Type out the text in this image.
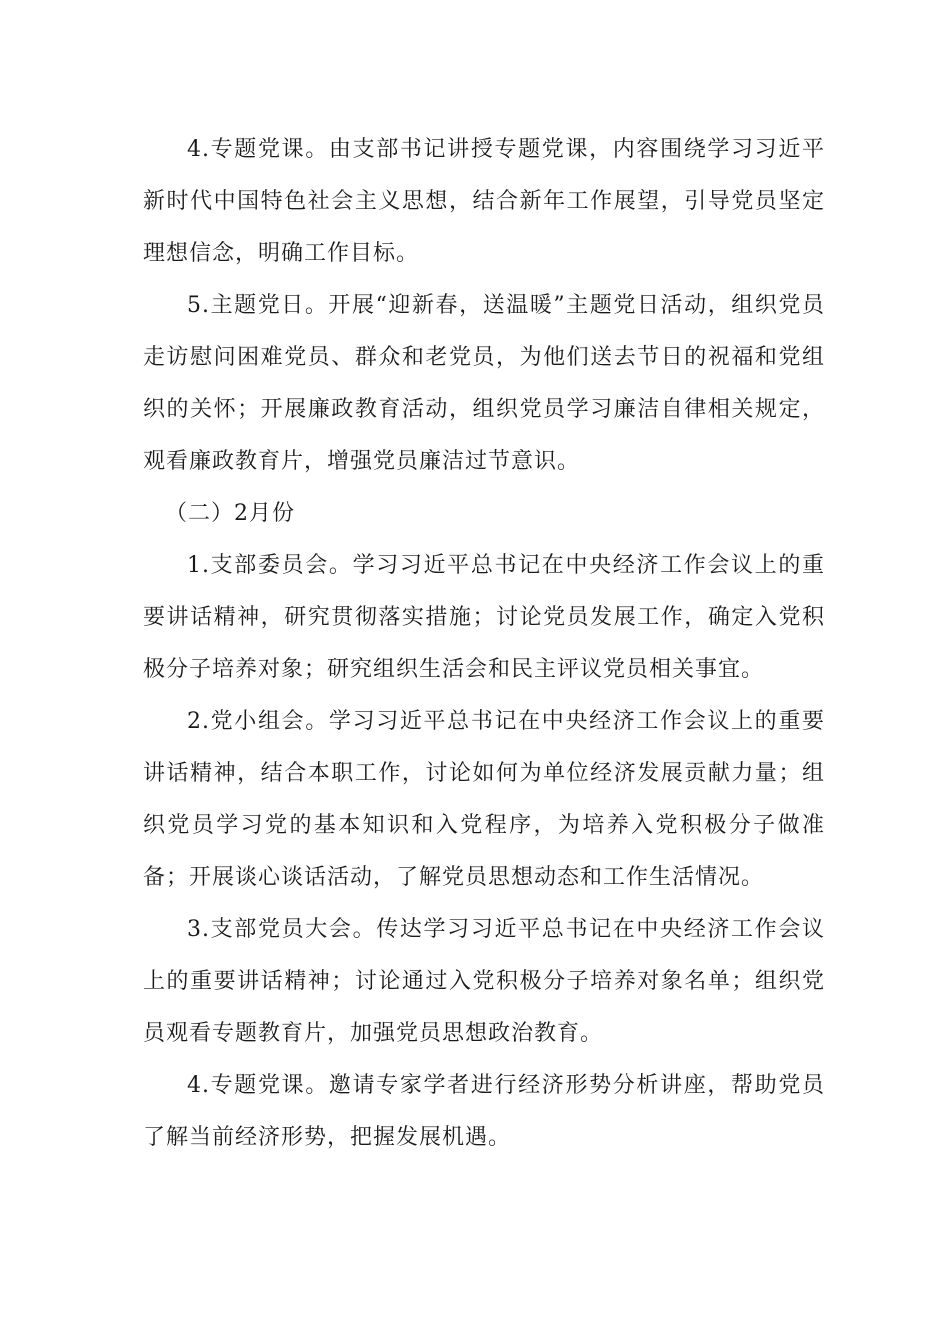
4.专题党课。由支部书记讲授专题党课，内容围绕学习习近平新时代中国特色社会主义思想，结合新年工作展望，引导党员坚定理想信念，明确工作目标。

5.主题党日。开展“迎新春，送温暖”主题党日活动，组织党员走访慰问困难党员、群众和老党员，为他们送去节日的祝福和党组织的关怀；开展廉政教育活动，组织党员学习廉洁自律相关规定，观看廉政教育片，增强党员廉洁过节意识。

（二）2月份

1.支部委员会。学习习近平总书记在中央经济工作会议上的重要讲话精神，研究贯彻落实措施；讨论党员发展工作，确定入党积极分子培养对象；研究组织生活会和民主评议党员相关事宜。

2.党小组会。学习习近平总书记在中央经济工作会议上的重要讲话精神，结合本职工作，讨论如何为单位经济发展贡献力量；组织党员学习党的基本知识和入党程序，为培养入党积极分子做准备；开展谈心谈话活动，了解党员思想动态和工作生活情况。

3.支部党员大会。传达学习习近平总书记在中央经济工作会议上的重要讲话精神；讨论通过入党积极分子培养对象名单；组织党员观看专题教育片，加强党员思想政治教育。

4.专题党课。邀请专家学者进行经济形势分析讲座，帮助党员了解当前经济形势，把握发展机遇。
